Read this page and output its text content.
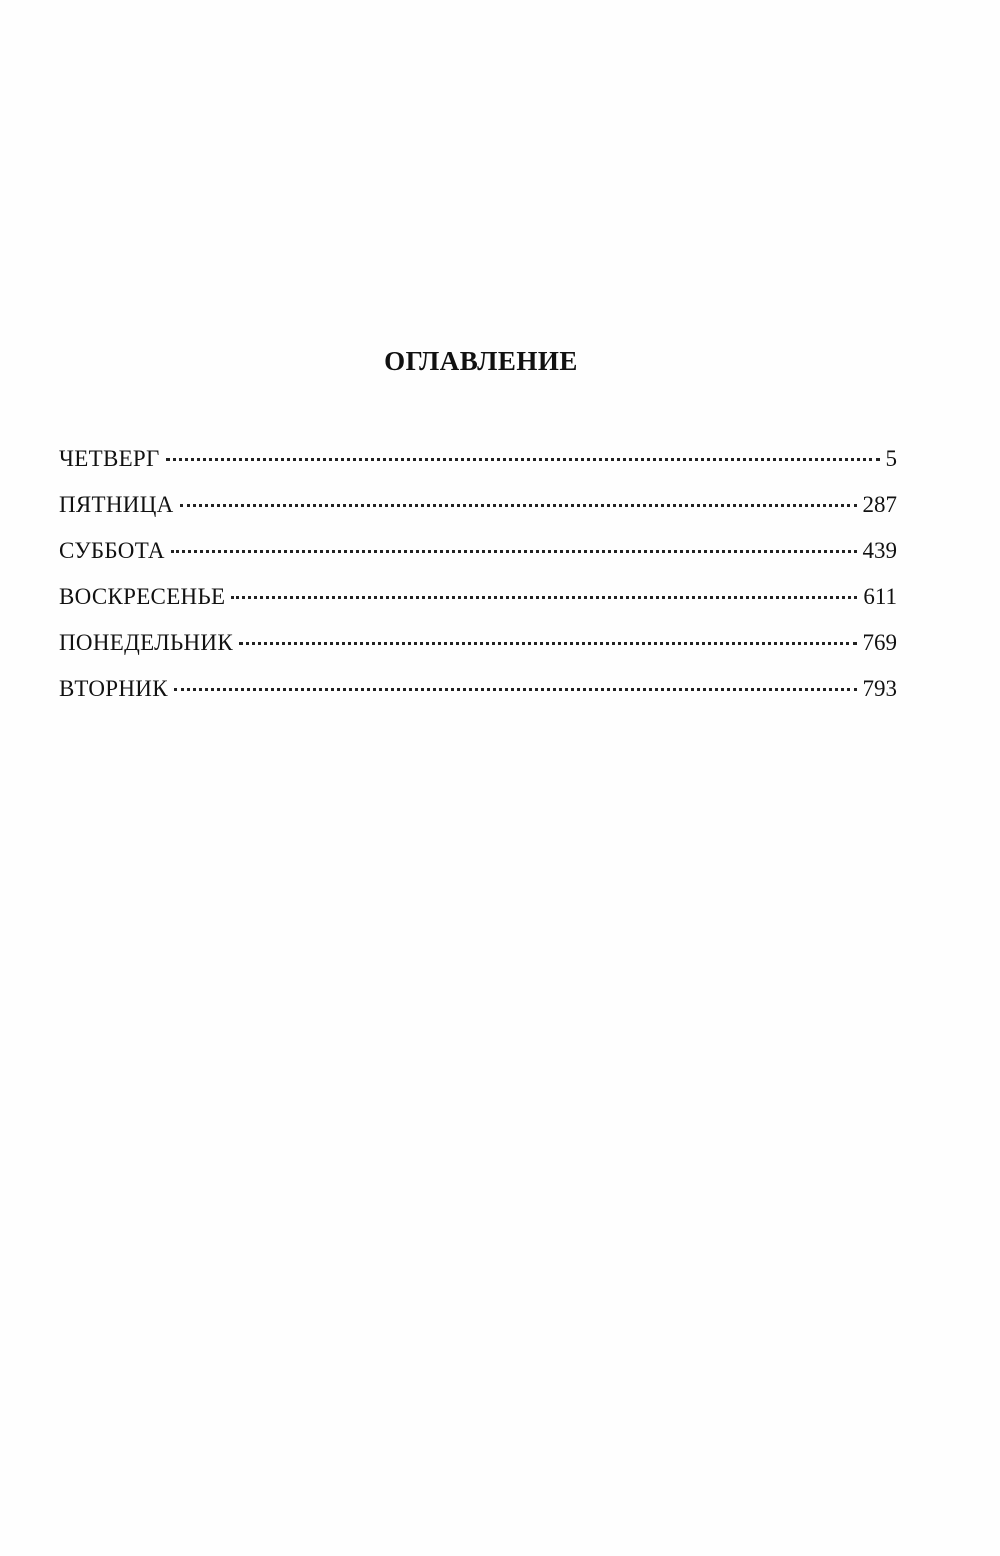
ОГЛАВЛЕНИЕ
ЧЕТВЕРГ	5
ПЯТНИЦА	287
СУББОТА	439
ВОСКРЕСЕНЬЕ	611
ПОНЕДЕЛЬНИК	769
ВТОРНИК	793
